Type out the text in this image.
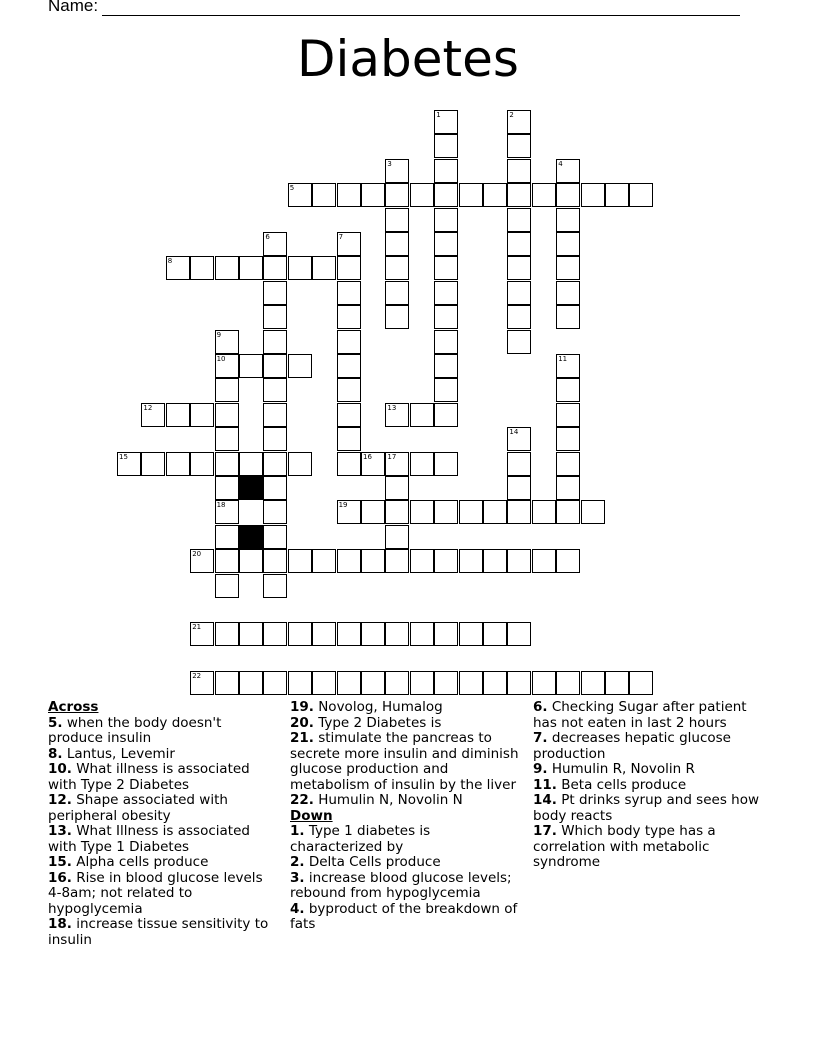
Name:
Diabetes
1	2
3	4
5
6	7
8
9
10
18
11
12	13
14
15	16 17
19
20
21
22
Across
5. when the body doesn't produce insulin
8. Lantus, Levemir
10. What illness is associated with Type 2 Diabetes
12. Shape associated with peripheral obesity
13. What Illness is associated with Type 1 Diabetes
15. Alpha cells produce
16. Rise in blood glucose levels 4-8am; not related to hypoglycemia
18. increase tissue sensitivity to insulin
19. Novolog, Humalog
20. Type 2 Diabetes is
21. stimulate the pancreas to secrete more insulin and diminish glucose production and metabolism of insulin by the liver
22. Humulin N, Novolin N
Down
1. Type 1 diabetes is characterized by
2. Delta Cells produce
3. increase blood glucose levels; rebound from hypoglycemia
4. byproduct of the breakdown of fats
6. Checking Sugar after patient has not eaten in last 2 hours
7. decreases hepatic glucose production
9. Humulin R, Novolin R
11. Beta cells produce
14. Pt drinks syrup and sees how body reacts
17. Which body type has a correlation with metabolic syndrome
